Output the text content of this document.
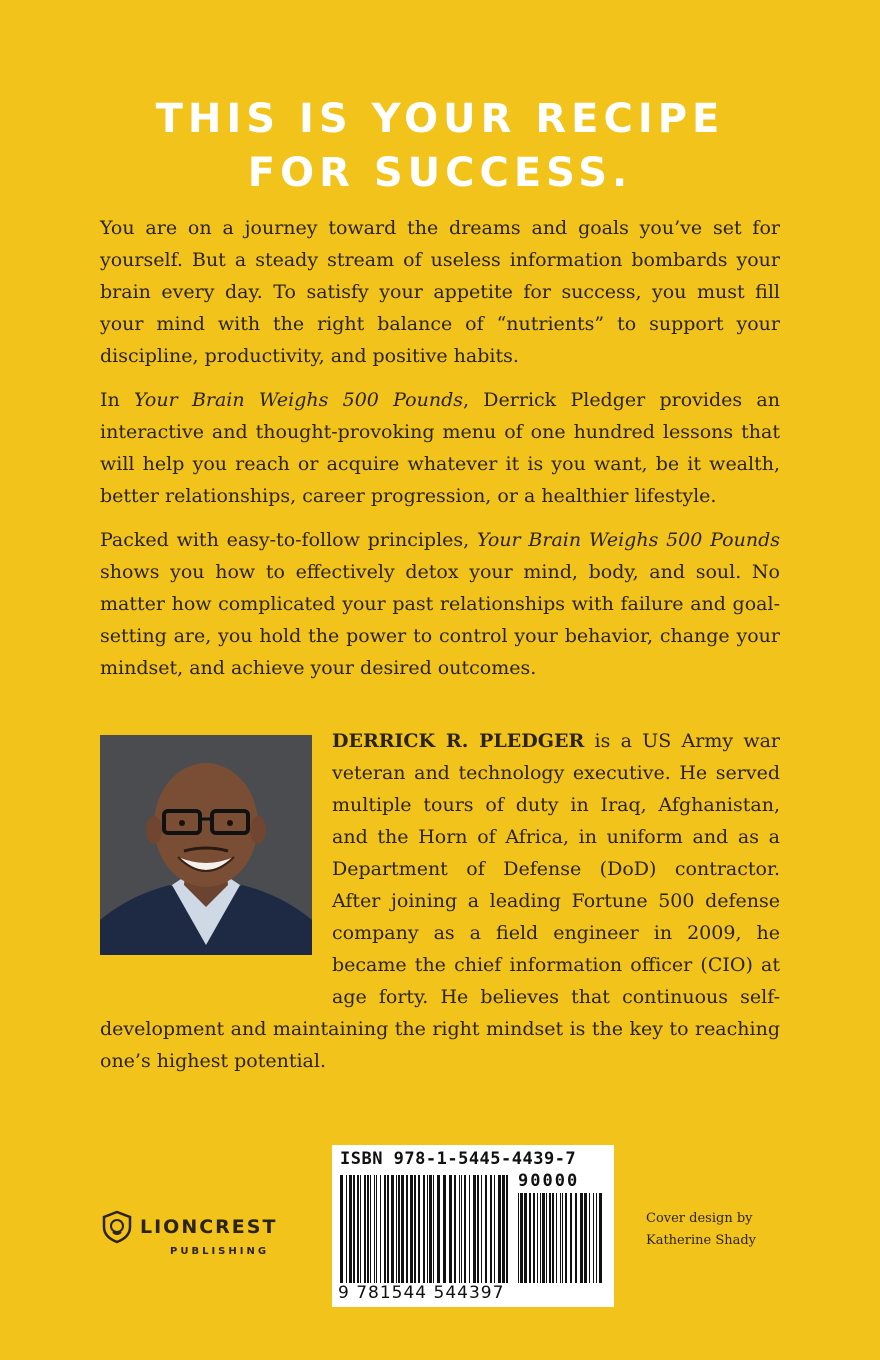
THIS IS YOUR RECIPE
FOR SUCCESS.

You are on a journey toward the dreams and goals you’ve set for yourself. But a steady stream of useless information bombards your brain every day. To satisfy your appetite for success, you must fill your mind with the right balance of “nutrients” to support your discipline, productivity, and positive habits.

In Your Brain Weighs 500 Pounds, Derrick Pledger provides an interactive and thought-provoking menu of one hundred lessons that will help you reach or acquire whatever it is you want, be it wealth, better relationships, career progression, or a healthier lifestyle.

Packed with easy-to-follow principles, Your Brain Weighs 500 Pounds shows you how to effectively detox your mind, body, and soul. No matter how complicated your past relationships with failure and goal-setting are, you hold the power to control your behavior, change your mindset, and achieve your desired outcomes.

DERRICK R. PLEDGER is a US Army war veteran and technology executive. He served multiple tours of duty in Iraq, Afghanistan, and the Horn of Africa, in uniform and as a Department of Defense (DoD) contractor. After joining a leading Fortune 500 defense company as a field engineer in 2009, he became the chief information officer (CIO) at age forty. He believes that continuous self-development and maintaining the right mindset is the key to reaching one’s highest potential.

LIONCREST
PUBLISHING
ISBN 978-1-5445-4439-7
90000
9 781544 544397
Cover design by
Katherine Shady
